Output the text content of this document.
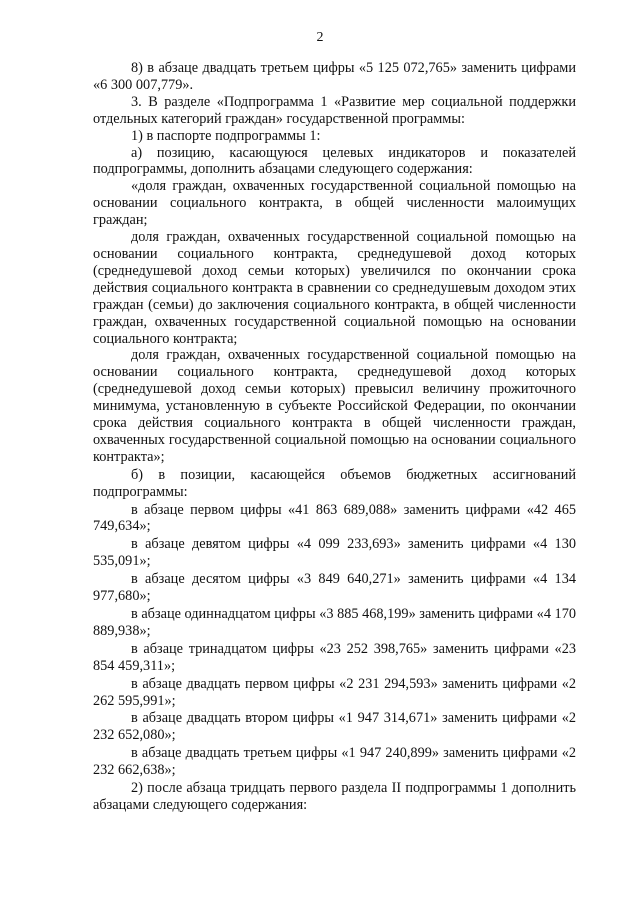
2

8) в абзаце двадцать третьем цифры «5 125 072,765» заменить цифрами «6 300 007,779».

3. В разделе «Подпрограмма 1 «Развитие мер социальной поддержки отдельных категорий граждан» государственной программы:

1) в паспорте подпрограммы 1:

а) позицию, касающуюся целевых индикаторов и показателей подпрограммы, дополнить абзацами следующего содержания:

«доля граждан, охваченных государственной социальной помощью на основании социального контракта, в общей численности малоимущих граждан;

доля граждан, охваченных государственной социальной помощью на основании социального контракта, среднедушевой доход которых (среднедушевой доход семьи которых) увеличился по окончании срока действия социального контракта в сравнении со среднедушевым доходом этих граждан (семьи) до заключения социального контракта, в общей численности граждан, охваченных государственной социальной помощью на основании социального контракта;

доля граждан, охваченных государственной социальной помощью на основании социального контракта, среднедушевой доход которых (среднедушевой доход семьи которых) превысил величину прожиточного минимума, установленную в субъекте Российской Федерации, по окончании срока действия социального контракта в общей численности граждан, охваченных государственной социальной помощью на основании социального контракта»;

б) в позиции, касающейся объемов бюджетных ассигнований подпрограммы:

в абзаце первом цифры «41 863 689,088» заменить цифрами «42 465 749,634»;

в абзаце девятом цифры «4 099 233,693» заменить цифрами «4 130 535,091»;

в абзаце десятом цифры «3 849 640,271» заменить цифрами «4 134 977,680»;

в абзаце одиннадцатом цифры «3 885 468,199» заменить цифрами «4 170 889,938»;

в абзаце тринадцатом цифры «23 252 398,765» заменить цифрами «23 854 459,311»;

в абзаце двадцать первом цифры «2 231 294,593» заменить цифрами «2 262 595,991»;

в абзаце двадцать втором цифры «1 947 314,671» заменить цифрами «2 232 652,080»;

в абзаце двадцать третьем цифры «1 947 240,899» заменить цифрами «2 232 662,638»;

2) после абзаца тридцать первого раздела II подпрограммы 1 дополнить абзацами следующего содержания:
